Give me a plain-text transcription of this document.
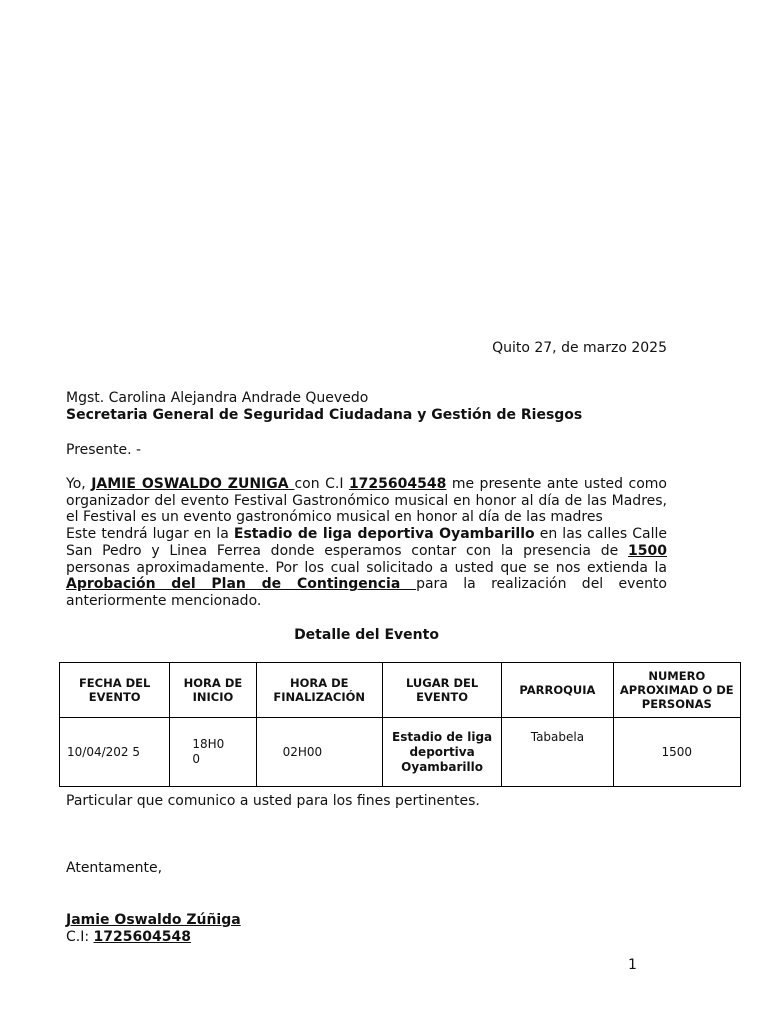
Quito 27, de marzo 2025
Mgst. Carolina Alejandra Andrade Quevedo
Secretaria General de Seguridad Ciudadana y Gestión de Riesgos
Presente. -

Yo, JAMIE OSWALDO ZUNIGA con C.I 1725604548 me presente ante usted como organizador del evento Festival Gastronómico musical en honor al día de las Madres, el Festival es un evento gastronómico musical en honor al día de las madres

Este tendrá lugar en la Estadio de liga deportiva Oyambarillo en las calles Calle San Pedro y Linea Ferrea donde esperamos contar con la presencia de 1500 personas aproximadamente. Por los cual solicitado a usted que se nos extienda la Aprobación del Plan de Contingencia para la realización del evento anteriormente mencionado.

Detalle del Evento
FECHA DEL EVENTO	HORA DE INICIO	HORA DE FINALIZACIÓN	LUGAR DEL EVENTO	PARROQUIA	NUMERO APROXIMAD O DE PERSONAS
10/04/202 5	18H0 0	02H00	Estadio de liga deportiva Oyambarillo	Tababela	1500
Particular que comunico a usted para los fines pertinentes.
Atentamente,
Jamie Oswaldo Zúñiga
C.I: 1725604548
1
